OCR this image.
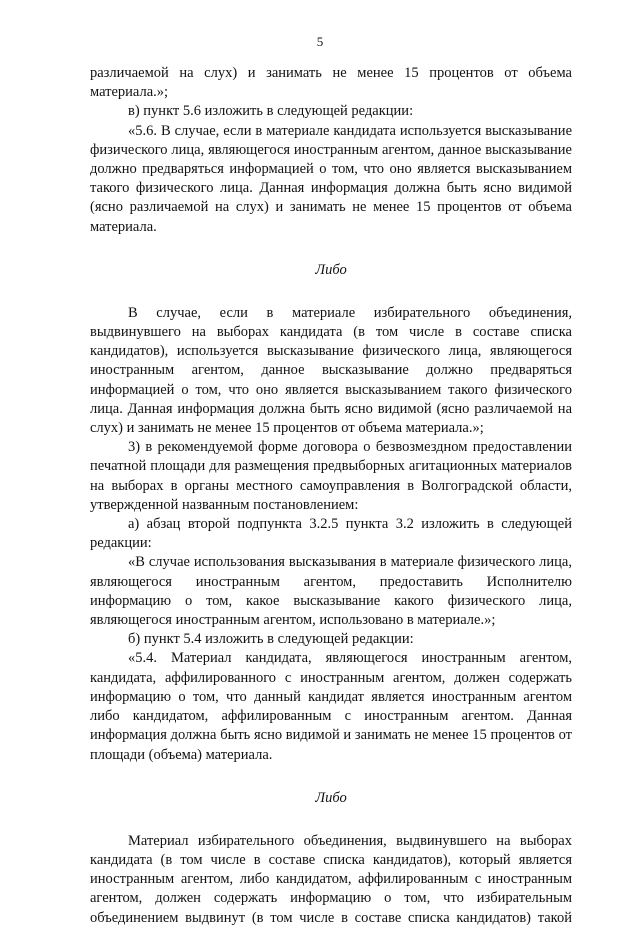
5

различаемой на слух) и занимать не менее 15 процентов от объема материала.»;

в) пункт 5.6 изложить в следующей редакции:

«5.6. В случае, если в материале кандидата используется высказывание физического лица, являющегося иностранным агентом, данное высказывание должно предваряться информацией о том, что оно является высказыванием такого физического лица. Данная информация должна быть ясно видимой (ясно различаемой на слух) и занимать не менее 15 процентов от объема материала.

Либо

В случае, если в материале избирательного объединения, выдвинувшего на выборах кандидата (в том числе в составе списка кандидатов), используется высказывание физического лица, являющегося иностранным агентом, данное высказывание должно предваряться информацией о том, что оно является высказыванием такого физического лица. Данная информация должна быть ясно видимой (ясно различаемой на слух) и занимать не менее 15 процентов от объема материала.»;

3) в рекомендуемой форме договора о безвозмездном предоставлении печатной площади для размещения предвыборных агитационных материалов на выборах в органы местного самоуправления в Волгоградской области, утвержденной названным постановлением:

а) абзац второй подпункта 3.2.5 пункта 3.2 изложить в следующей редакции:

«В случае использования высказывания в материале физического лица, являющегося иностранным агентом, предоставить Исполнителю информацию о том, какое высказывание какого физического лица, являющегося иностранным агентом, использовано в материале.»;

б) пункт 5.4 изложить в следующей редакции:

«5.4. Материал кандидата, являющегося иностранным агентом, кандидата, аффилированного с иностранным агентом, должен содержать информацию о том, что данный кандидат является иностранным агентом либо кандидатом, аффилированным с иностранным агентом. Данная информация должна быть ясно видимой и занимать не менее 15 процентов от площади (объема) материала.

Либо

Материал избирательного объединения, выдвинувшего на выборах кандидата (в том числе в составе списка кандидатов), который является иностранным агентом, либо кандидатом, аффилированным с иностранным агентом, должен содержать информацию о том, что избирательным объединением выдвинут (в том числе в составе списка кандидатов) такой
